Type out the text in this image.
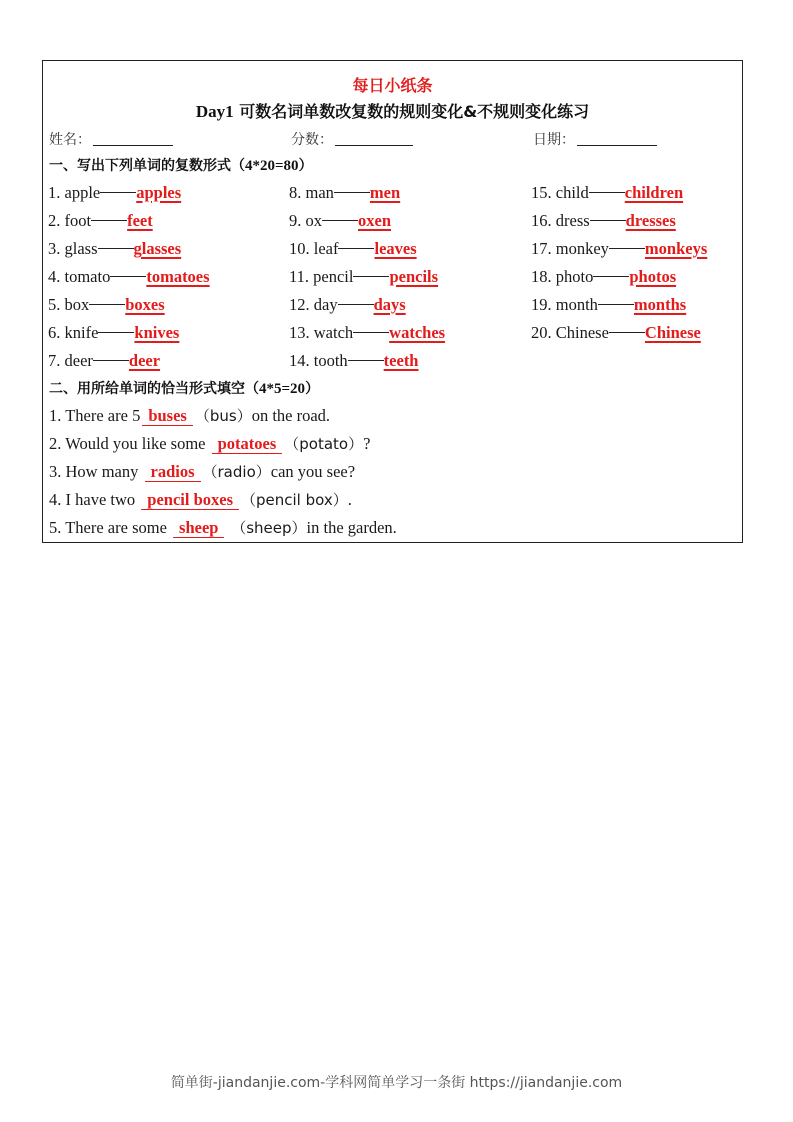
每日小纸条
Day1 可数名词单数改复数的规则变化&不规则变化练习
姓名：	分数：	日期：
一、写出下列单词的复数形式（4*20=80）
1. apple apples
2. foot feet
3. glass glasses
4. tomato tomatoes
5. box boxes
6. knife knives
7. deer deer
8. man men
9. ox oxen
10. leaf leaves
11. pencil pencils
12. day days
13. watch watches
14. tooth teeth
15. child children
16. dress dresses
17. monkey monkeys
18. photo photos
19. month months
20. Chinese Chinese
二、用所给单词的恰当形式填空（4*5=20）
1. There are 5 buses （bus）on the road.
2. Would you like some potatoes （potato）?
3. How many radios （radio）can you see?
4. I have two pencil boxes （pencil box）.
5. There are some sheep （sheep）in the garden.
简单街-jiandanjie.com-学科网简单学习一条街 https://jiandanjie.com
